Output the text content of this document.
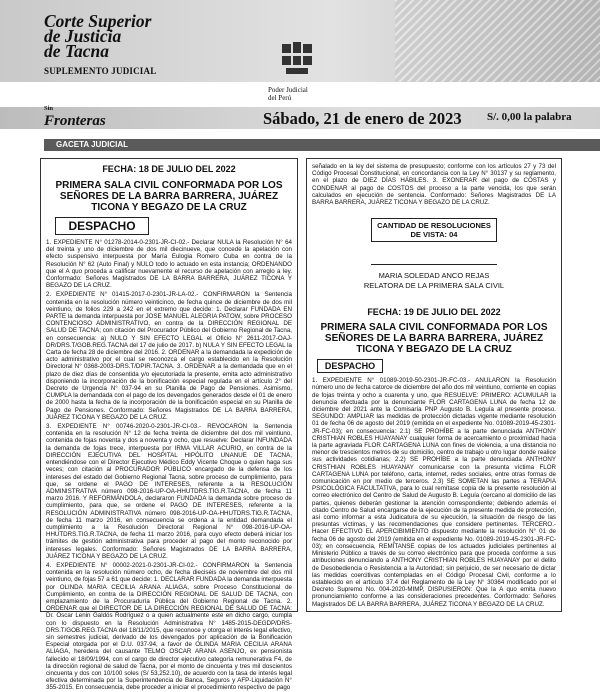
Corte Superior
de Justicia
de Tacna
SUPLEMENTO JUDICIAL
Poder Judicial
del Perú
Sin
Fronteras	Sábado, 21 de enero de 2023 S/. 0,00 la palabra
GACETA JUDICIAL
FECHA: 18 DE JULIO DEL 2022
PRIMERA SALA CIVIL CONFORMADA POR LOS SEÑORES DE LA BARRA BARRERA, JUÁREZ TICONA Y BEGAZO DE LA CRUZ
DESPACHO

1. EXPEDIENTE N° 01278-2014-0-2301-JR-CI-02.- Declarar NULA la Resolución N° 64 del treinta y uno de diciembre de dos mil diecinueve, que concede la apelación con efecto suspensivo interpuesta por María Eulogia Romero Cuba en contra de la Resolución N° 62 (Auto Final) y NULO todo lo actuado en esta instancia; ORDENANDO que el A quo proceda a calificar nuevamente el recurso de apelación con arreglo a ley. Conformado: Señores Magistrados DE LA BARRA BARRERA, JUÁREZ TICONA Y BEGAZO DE LA CRUZ.

2. EXPEDIENTE N° 01415-2017-0-2301-JR-LA-02.- CONFIRMARON la Sentencia contenida en la resolución número veinticinco, de fecha quince de diciembre de dos mil veintiuno, de folios 229 a 242 en el extremo que decide: 1. Declarar FUNDADA EN PARTE la demanda interpuesta por JOSE MANUEL ALEGRIA PATOW, sobre PROCESO CONTENCIOSO ADMINISTRATIVO, en contra de la DIRECCIÓN REGIONAL DE SALUD DE TACNA; con citación del Procurador Público del Gobierno Regional de Tacna, en consecuencia: a) NULO Y SIN EFECTO LEGAL el Oficio N° 2611-2017-OAJ-DR/DRS.T/GOB.REG.TACNA del 17 de julio de 2017. b) NULA Y SIN EFECTO LEGAL la Carta de fecha 28 de diciembre del 2016. 2. ORDENAR a la demandada la expedición de acto administrativo por el cual se reconozca el cargo establecido en la Resolución Directoral N° 0368-2003-DRS.T/DPIR.TACNA. 3. ORDENAR a la demandada que en el plazo de diez días de consentida y/o ejecutoriada la presente, emita acto administrativo disponiendo la incorporación de la bonificación especial regulada en el artículo 2° del Decreto de Urgencia N° 037-94 en su Planilla de Pago de Pensiones. Asimismo, CUMPLA la demandada con el pago de los devengados generados desde el 01 de enero de 2000 hasta la fecha de la incorporación de la bonificación especial en su Planilla de Pago de Pensiones. Conformado: Señores Magistrados DE LA BARRA BARRERA, JUÁREZ TICONA Y BEGAZO DE LA CRUZ.

3. EXPEDIENTE N° 00746-2020-0-2301-JR-CI-03.- REVOCARON la Sentencia contenida en la resolución N° 12 de fecha treinta de diciembre del dos mil veintiuno, contenida de fojas noventa y dos a noventa y ocho, que resuelve: Declarar INFUNDADA la demanda de fojas trece, interpuesta por IRMA VILLAR ACURIO, en contra de la DIRECCIÓN EJECUTIVA DEL HOSPITAL HIPÓLITO UNANUE DE TACNA, entendiéndose con el Director Ejecutivo Médico Eddy Vicente Choque o quien haga sus veces; con citación al PROCURADOR PÚBLICO encargado de la defensa de los intereses del estado del Gobierno Regional Tacna, sobre proceso de cumplimiento, para que, se ordene el PAGO DE INTERESES, referente a la RESOLUCIÓN ADMINISTRATIVA número 098-2016-UP-OA-HHUTDRS.TIG.R.TACNA, de fecha 11 marzo 2016. Y REFORMÁNDOLA, declararon FUNDADA la demanda sobre proceso de cumplimiento, para que, se ordene el PAGO DE INTERESES, referente a la RESOLUCIÓN ADMINISTRATIVA número 098-2016-UP-OA-HHUTDRS.TIG.R.TACNA, de fecha 11 marzo 2016, en consecuencia se ordena a la entidad demandada el cumplimiento a la Resolución Directoral Regional N° 098-2016-UP-OA-HHUTDRS.TIG.R.TACNA, de fecha 11 marzo 2016, para cuyo efecto deberá iniciar los trámites de gestión administrativa para proceder al pago del monto reconocido por intereses legales. Conformado: Señores Magistrados DE LA BARRA BARRERA, JUÁREZ TICONA Y BEGAZO DE LA CRUZ.

4. EXPEDIENTE N° 00002-2021-0-2301-JR-CI-02.- CONFIRMARON la Sentencia contenida en la resolución número ocho, de fecha dieciséis de noviembre del dos mil veintiuno, de fojas 57 a 61 que decide: 1. DECLARAR FUNDADA la demanda interpuesta por OLINDA MARIA CECILIA ARANA ALIAGA, sobre Proceso Constitucional de Cumplimiento, en contra de la DIRECCIÓN REGIONAL DE SALUD DE TACNA, con emplazamiento de la Procuraduría Pública del Gobierno Regional de Tacna. 2. ORDENAR que el DIRECTOR DE LA DIRECCIÓN REGIONAL DE SALUD DE TACNA: Dr. Oscar Lenin Galdós Rodríguez o a quien actualmente este en dicho cargo, cumpla con lo dispuesto en la Resolución Administrativa N° 1485-2015-DEGDP/DRS-DRS.T/GOB.REG.TACNA del 18/11/2015, que reconoce y otorga el interés legal efectivo, sin semestres judicial, derivado de los devengados por aplicación de la Bonificación Especial otorgada por el D.U. 037-94, a favor de OLINDA MARIA CECILIA ARANA ALIAGA, heredera del causante TELMO OSCAR ARANA ASENJO, ex pensionista fallecido el 18/09/1994, con el cargo de director ejecutivo categoría remunerativa F4, de la dirección regional de salud de Tacna, por el monto de cincuenta y tres mil doscientos cincuenta y dos con 10/100 soles (S/ 53,252.10), de acuerdo con la tasa de interés legal efectiva determinada por la Superintendencia de Banca, Seguros y AFP-Liquidación N° 355-2015. En consecuencia, debe proceder a iniciar el procedimiento respectivo de pago

señalado en la ley del sistema de presupuesto; conforme con los artículos 27 y 73 del Código Procesal Constitucional, en concordancia con la Ley N° 30137 y su reglamento, en el plazo de DIEZ DÍAS HÁBILES. 3. EXONERAR del pago de COSTAS y CONDENAR al pago de COSTOS del proceso a la parte vencida, los que serán calculados en ejecución de sentencia. Conformado: Señores Magistrados DE LA BARRA BARRERA, JUÁREZ TICONA Y BEGAZO DE LA CRUZ.

CANTIDAD DE RESOLUCIONES DE VISTA: 04
MARIA SOLEDAD ANCO REJAS
RELATORA DE LA PRIMERA SALA CIVIL
FECHA: 19 DE JULIO DEL 2022
PRIMERA SALA CIVIL CONFORMADA POR LOS SEÑORES DE LA BARRA BARRERA, JUÁREZ TICONA Y BEGAZO DE LA CRUZ
DESPACHO

1. EXPEDIENTE N° 01089-2019-50-2301-JR-FC-03.- ANULARON la Resolución número uno de fecha catorce de diciembre del año dos mil veintiuno, corriente en copias de fojas treinta y ocho a cuarenta y uno, que RESUELVE: PRIMERO: ACUMULAR la denuncia efectuada por la denunciante FLOR CARTAGENA LUNA de fecha 12 de diciembre del 2021 ante la Comisaría PNP Augusto B. Leguía al presente proceso. SEGUNDO: AMPLIAR las medidas de protección dictadas vigente mediante resolución 01 de fecha 06 de agosto del 2019 (emitida en el expediente No. 01089-2019-45-2301-JR-FC-03); en consecuencia: 2.1) SE PROHÍBE a la parte denunciada ANTHONY CRISTHIAN ROBLES HUAYANAY cualquier forma de acercamiento o proximidad hacia la parte agraviada FLOR CARTAGENA LUNA con fines de violencia, a una distancia no menor de trescientos metros de su domicilio, centro de trabajo u otro lugar donde realice sus actividades cotidianas; 2.2) SE PROHÍBE a la parte denunciada ANTHONY CRISTHIAN ROBLES HUAYANAY comunicarse con la presunta víctima FLOR CARTAGENA LUNA por teléfono, carta, internet, redes sociales, entre otras formas de comunicación en por medio de terceros. 2.3) SE SOMETAN las partes a TERAPIA PSICOLÓGICA FACULTATIVA, para lo cual remítase copia de la presente resolución al correo electrónico del Centro de Salud de Augusto B. Leguía (cercano al domicilio de las partes, quienes deberán gestionar la atención correspondiente; debiendo además el citado Centro de Salud encargarse de la ejecución de la presente medida de protección, así como informar a esta Judicatura de su ejecución, la situación de riesgo de las presuntas víctimas, y las recomendaciones que considere pertinentes. TERCERO.- Hacer EFECTIVO EL APERCIBIMIENTO dispuesto mediante la resolución N° 01 de fecha 06 de agosto del 2019 (emitida en el expediente No. 01089-2019-45-2301-JR-FC-03); en consecuencia, REMÍTANSE copias de los actuados judiciales pertinentes al Ministerio Público a través de su correo electrónico para que proceda conforme a sus atribuciones denunciando a ANTHONY CRISTHIAN ROBLES HUAYANAY por el delito de Desobediencia o Resistencia a la Autoridad; sin perjuicio, de ser necesario de dictar las medidas coercitivas contempladas en el Código Procesal Civil, conforme a lo establecido en el artículo 37.4 del Reglamento de la Ley N° 30364 modificado por el Decreto Supremo No. 004-2020-MIMP, DISPUSIERON: Que la A quo emita nuevo pronunciamiento conforme a las consideraciones precedentes. Conformado: Señores Magistrados DE LA BARRA BARRERA, JUÁREZ TICONA Y BEGAZO DE LA CRUZ.
